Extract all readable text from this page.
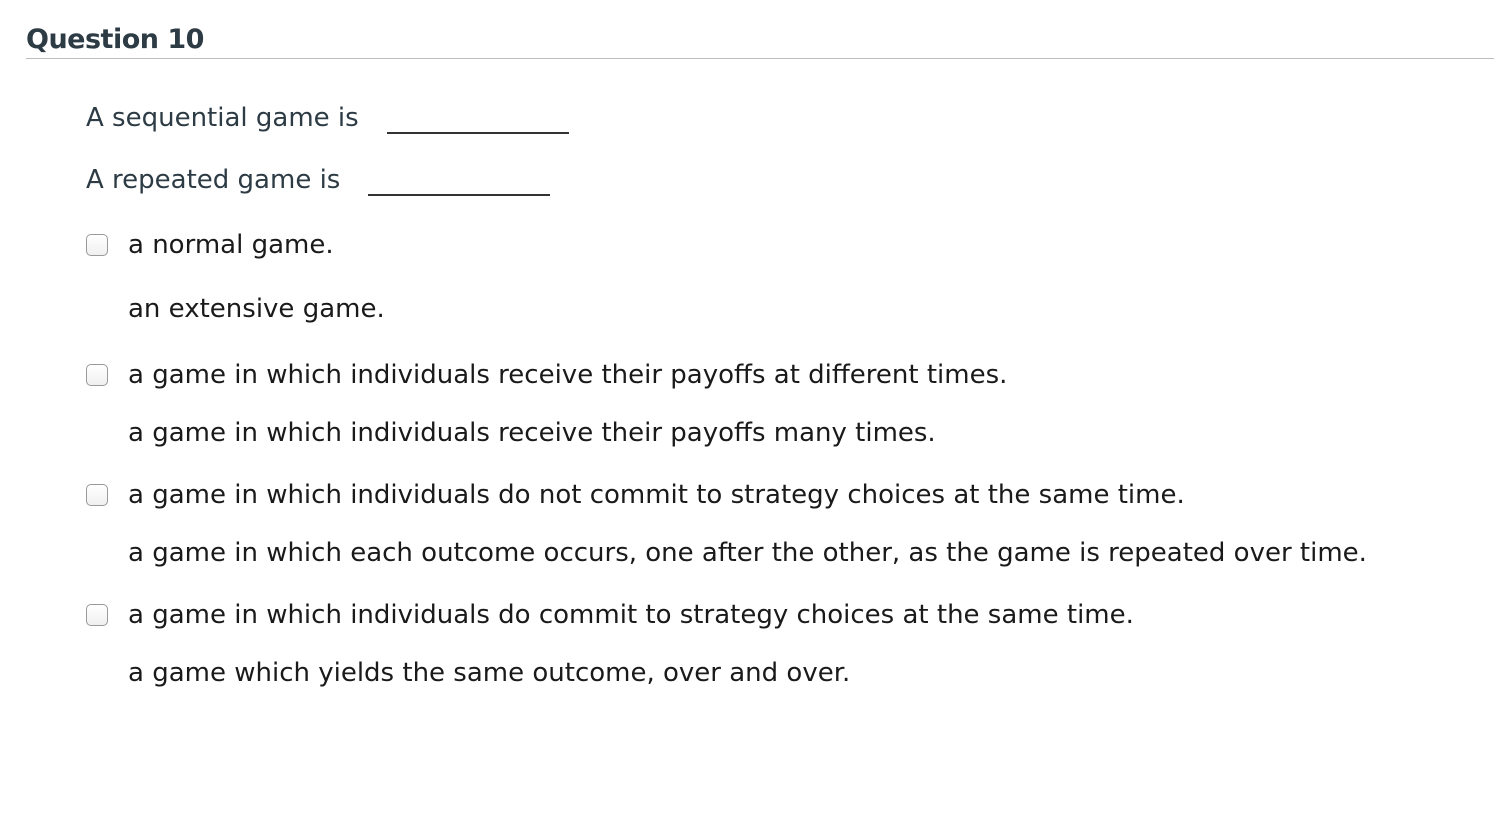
Question 10
A sequential game is
A repeated game is
a normal game.
an extensive game.
a game in which individuals receive their payoffs at different times.
a game in which individuals receive their payoffs many times.
a game in which individuals do not commit to strategy choices at the same time.
a game in which each outcome occurs, one after the other, as the game is repeated over time.
a game in which individuals do commit to strategy choices at the same time.
a game which yields the same outcome, over and over.
